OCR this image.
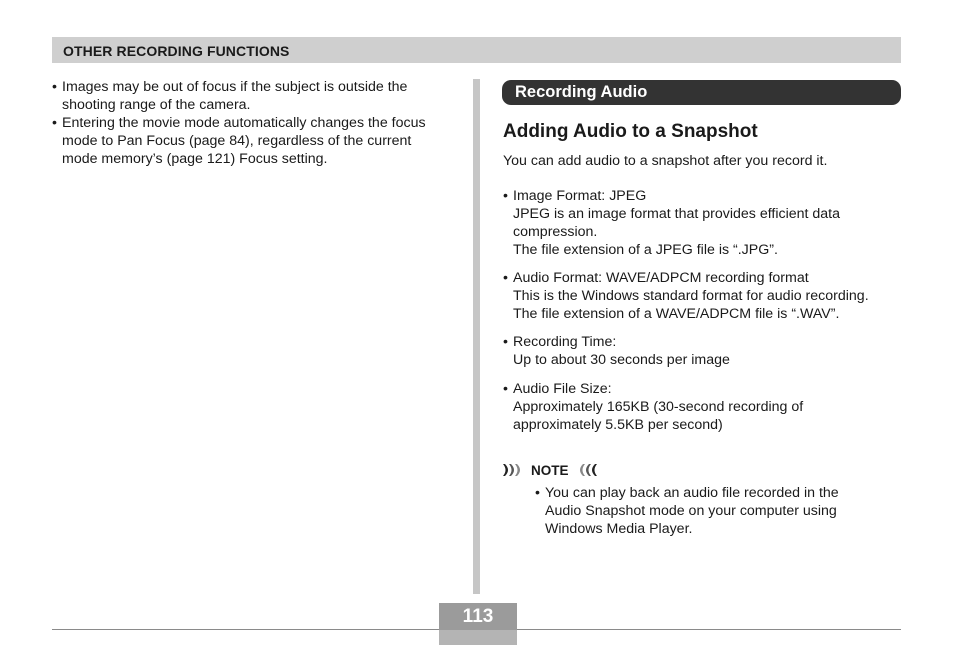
OTHER RECORDING FUNCTIONS
• Images may be out of focus if the subject is outside the
shooting range of the camera.
• Entering the movie mode automatically changes the focus
mode to Pan Focus (page 84), regardless of the current
mode memory’s (page 121) Focus setting.
Recording Audio
Adding Audio to a Snapshot
You can add audio to a snapshot after you record it.
• Image Format: JPEG
JPEG is an image format that provides efficient data
compression.
The file extension of a JPEG file is “.JPG”.
• Audio Format: WAVE/ADPCM recording format
This is the Windows standard format for audio recording.
The file extension of a WAVE/ADPCM file is “.WAV”.
• Recording Time:
Up to about 30 seconds per image
• Audio File Size:
Approximately 165KB (30-second recording of
approximately 5.5KB per second)
NOTE
• You can play back an audio file recorded in the
Audio Snapshot mode on your computer using
Windows Media Player.
113
